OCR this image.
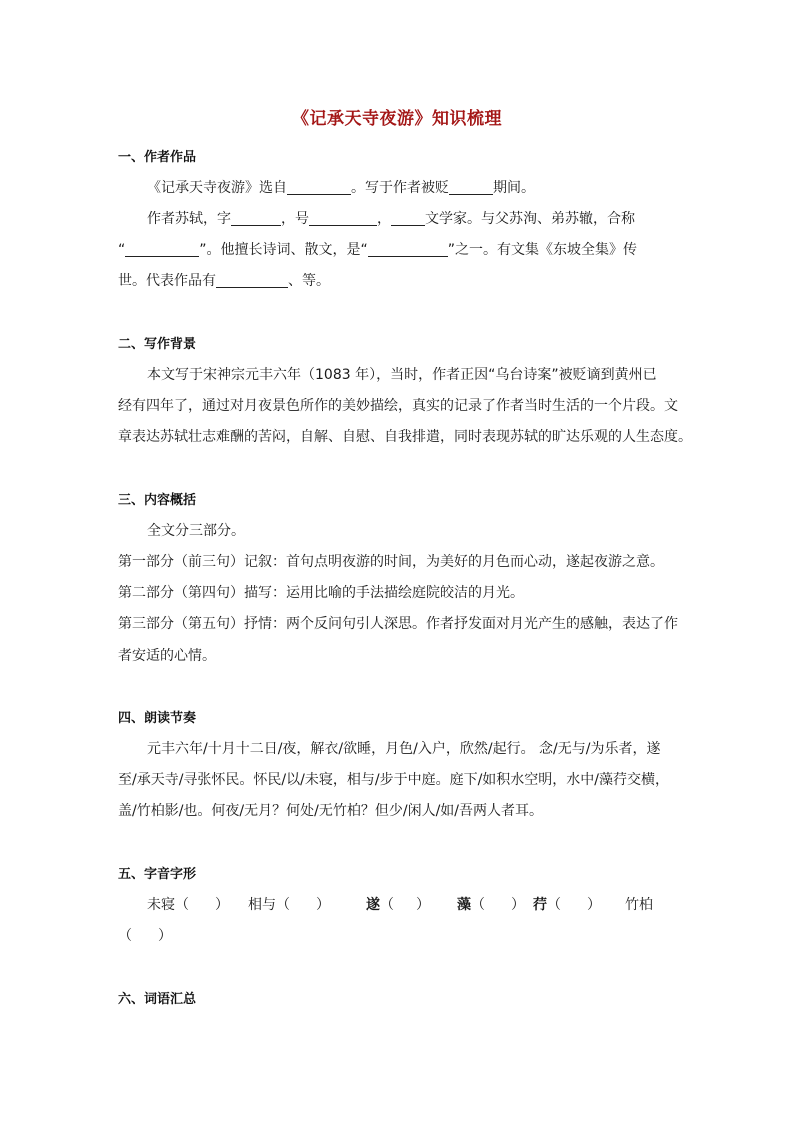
《记承天寺夜游》知识梳理
一、作者作品
《记承天寺夜游》选自	。写于作者被贬	期间。
作者苏轼，字	，号	， 文学家。与父苏洵、弟苏辙，合称
“	”。他擅长诗词、散文，是“	”之一。有文集《东坡全集》传
世。代表作品有	、等。
二、写作背景
本文写于宋神宗元丰六年（1083 年），当时，作者正因“乌台诗案”被贬谪到黄州已
经有四年了，通过对月夜景色所作的美妙描绘，真实的记录了作者当时生活的一个片段。文
章表达苏轼壮志难酬的苦闷，自解、自慰、自我排遣，同时表现苏轼的旷达乐观的人生态度。
三、内容概括
全文分三部分。
第一部分（前三句）记叙：首句点明夜游的时间，为美好的月色而心动，遂起夜游之意。
第二部分（第四句）描写：运用比喻的手法描绘庭院皎洁的月光。
第三部分（第五句）抒情：两个反问句引人深思。作者抒发面对月光产生的感触，表达了作
者安适的心情。
四、朗读节奏
元丰六年/十月十二日/夜，解衣/欲睡，月色/入户，欣然/起行。 念/无与/为乐者，遂
至/承天寺/寻张怀民。怀民/以/未寝，相与/步于中庭。庭下/如积水空明，水中/藻荇交横，
盖/竹柏影/也。何夜/无月？何处/无竹柏？但少/闲人/如/吾两人者耳。
五、字音字形
未寝（ ） 相与（ ）	遂（ ） 藻（ ） 荇（ ） 竹柏
（ ）
六、词语汇总
